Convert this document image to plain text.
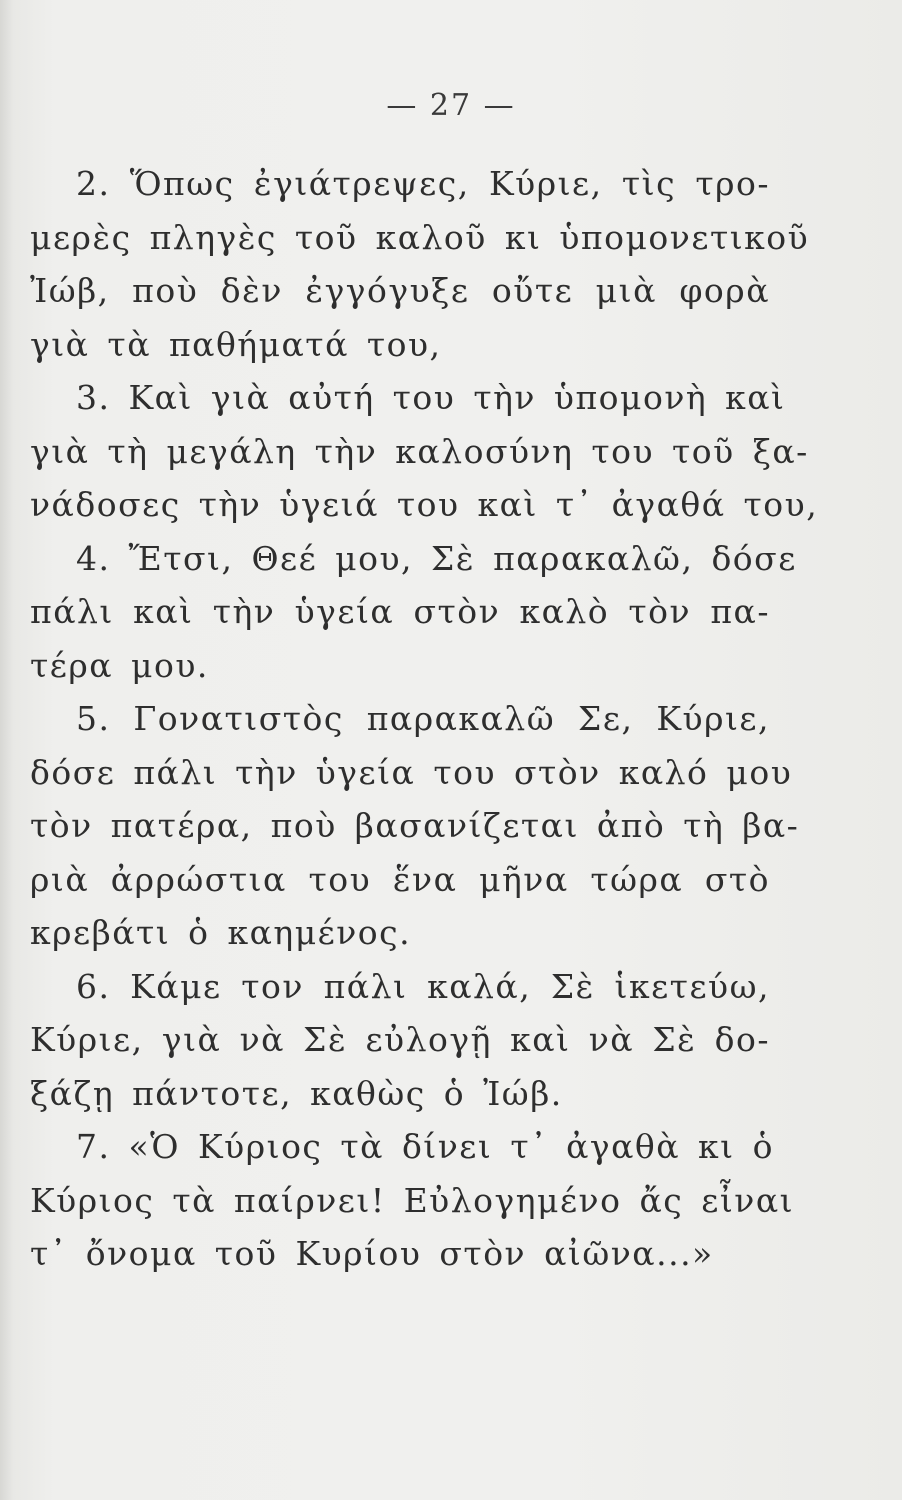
— 27 —
2. Ὅπως ἐγιάτρεψες, Κύριε, τὶς τρο-
μερὲς πληγὲς τοῦ καλοῦ κι ὑπομονετικοῦ
Ἰώβ, ποὺ δὲν ἐγγόγυξε οὔτε μιὰ φορὰ
γιὰ τὰ παθήματά του,
3. Καὶ γιὰ αὐτή του τὴν ὑπομονὴ καὶ
γιὰ τὴ μεγάλη τὴν καλοσύνη του τοῦ ξα-
νάδοσες τὴν ὑγειά του καὶ τ᾽ ἀγαθά του,
4. Ἔτσι, Θεέ μου, Σὲ παρακαλῶ, δόσε
πάλι καὶ τὴν ὑγεία στὸν καλὸ τὸν πα-
τέρα μου.
5. Γονατιστὸς παρακαλῶ Σε, Κύριε,
δόσε πάλι τὴν ὑγεία του στὸν καλό μου
τὸν πατέρα, ποὺ βασανίζεται ἀπὸ τὴ βα-
ριὰ ἀρρώστια του ἕνα μῆνα τώρα στὸ
κρεβάτι ὁ καημένος.
6. Κάμε τον πάλι καλά, Σὲ ἱκετεύω,
Κύριε, γιὰ νὰ Σὲ εὐλογῇ καὶ νὰ Σὲ δο-
ξάζῃ πάντοτε, καθὼς ὁ Ἰώβ.
7. «Ὁ Κύριος τὰ δίνει τ᾽ ἀγαθὰ κι ὁ
Κύριος τὰ παίρνει! Εὐλογημένο ἄς εἶναι
τ᾽ ὄνομα τοῦ Κυρίου στὸν αἰῶνα...»
